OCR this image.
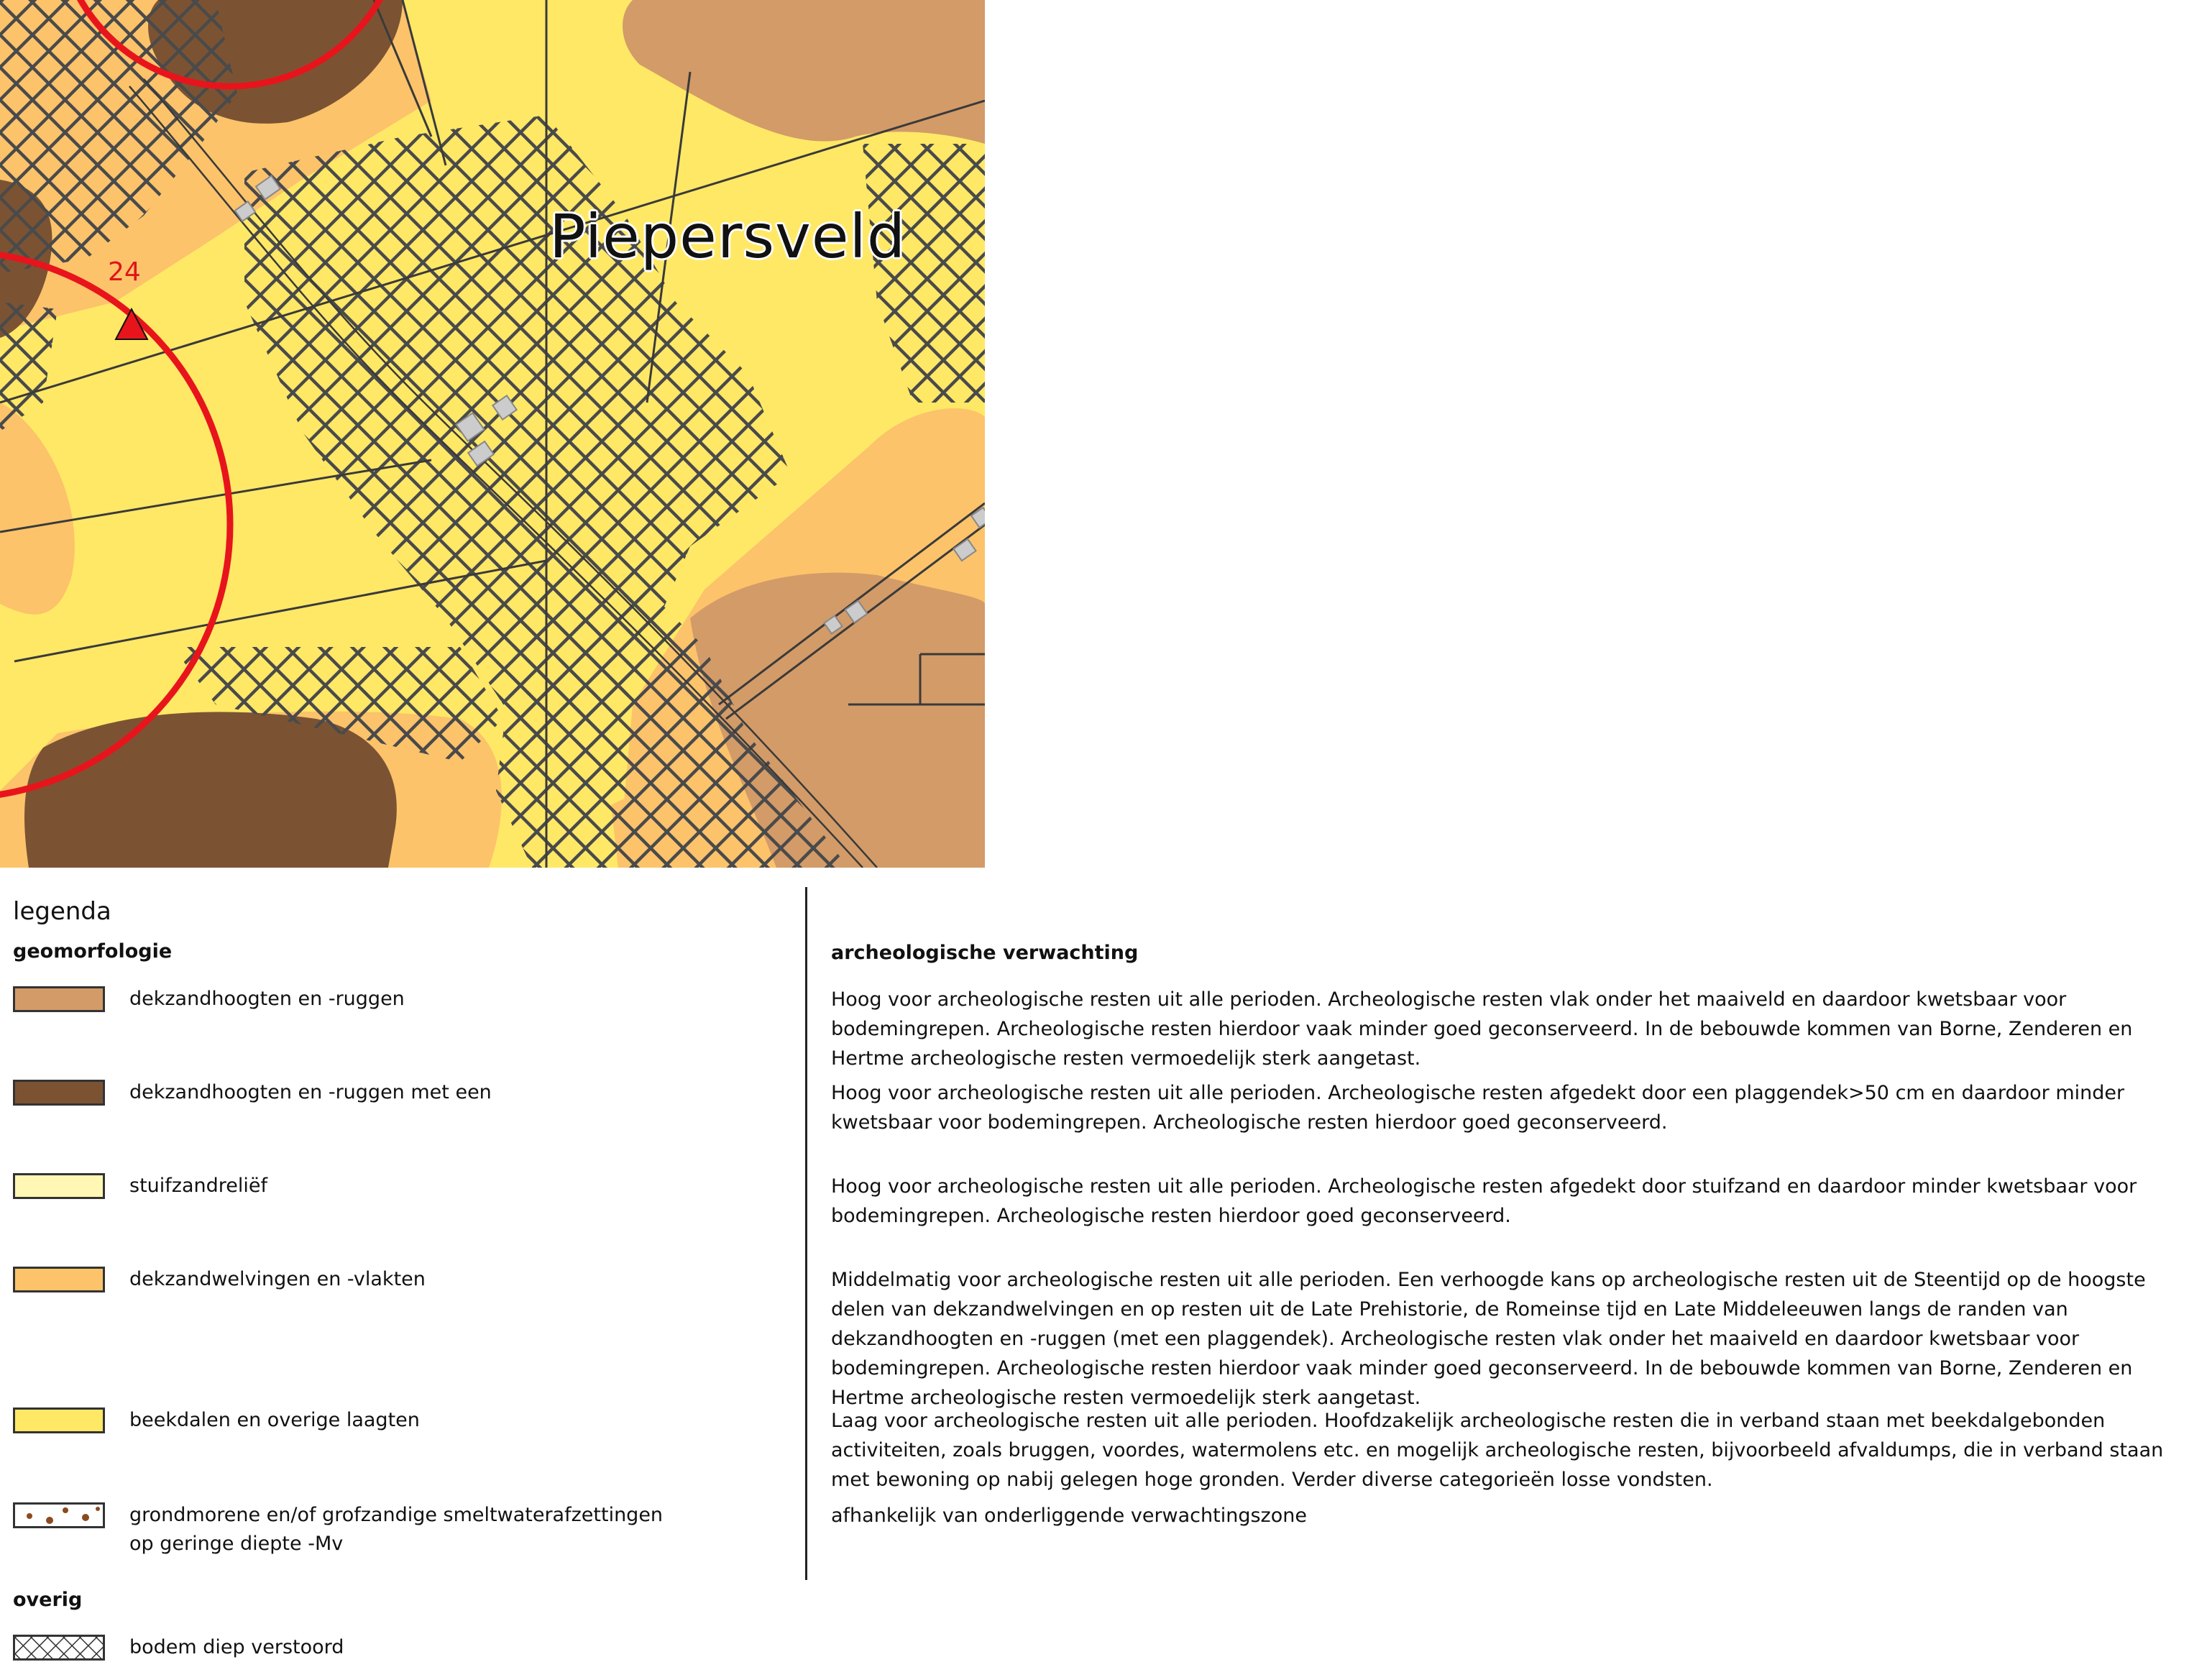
Piepersveld
24
legenda
geomorfologie
dekzandhoogten en -ruggen
dekzandhoogten en -ruggen met een
stuifzandreliëf
dekzandwelvingen en -vlakten
beekdalen en overige laagten
grondmorene en/of grofzandige smeltwaterafzettingen
op geringe diepte -Mv
overig
bodem diep verstoord
archeologische verwachting
Hoog voor archeologische resten uit alle perioden. Archeologische resten vlak onder het maaiveld en daardoor kwetsbaar voor bodemingrepen. Archeologische resten hierdoor vaak minder goed geconserveerd. In de bebouwde kommen van Borne, Zenderen en Hertme archeologische resten vermoedelijk sterk aangetast.
Hoog voor archeologische resten uit alle perioden. Archeologische resten afgedekt door een plaggendek>50 cm en daardoor minder kwetsbaar voor bodemingrepen. Archeologische resten hierdoor goed geconserveerd.
Hoog voor archeologische resten uit alle perioden. Archeologische resten afgedekt door stuifzand en daardoor minder kwetsbaar voor bodemingrepen. Archeologische resten hierdoor goed geconserveerd.
Middelmatig voor archeologische resten uit alle perioden. Een verhoogde kans op archeologische resten uit de Steentijd op de hoogste delen van dekzandwelvingen en op resten uit de Late Prehistorie, de Romeinse tijd en Late Middeleeuwen langs de randen van dekzandhoogten en -ruggen (met een plaggendek). Archeologische resten vlak onder het maaiveld en daardoor kwetsbaar voor bodemingrepen. Archeologische resten hierdoor vaak minder goed geconserveerd. In de bebouwde kommen van Borne, Zenderen en Hertme archeologische resten vermoedelijk sterk aangetast.
Laag voor archeologische resten uit alle perioden. Hoofdzakelijk archeologische resten die in verband staan met beekdalgebonden activiteiten, zoals bruggen, voordes, watermolens etc. en mogelijk archeologische resten, bijvoorbeeld afvaldumps, die in verband staan met bewoning op nabij gelegen hoge gronden. Verder diverse categorieën losse vondsten.
afhankelijk van onderliggende verwachtingszone
